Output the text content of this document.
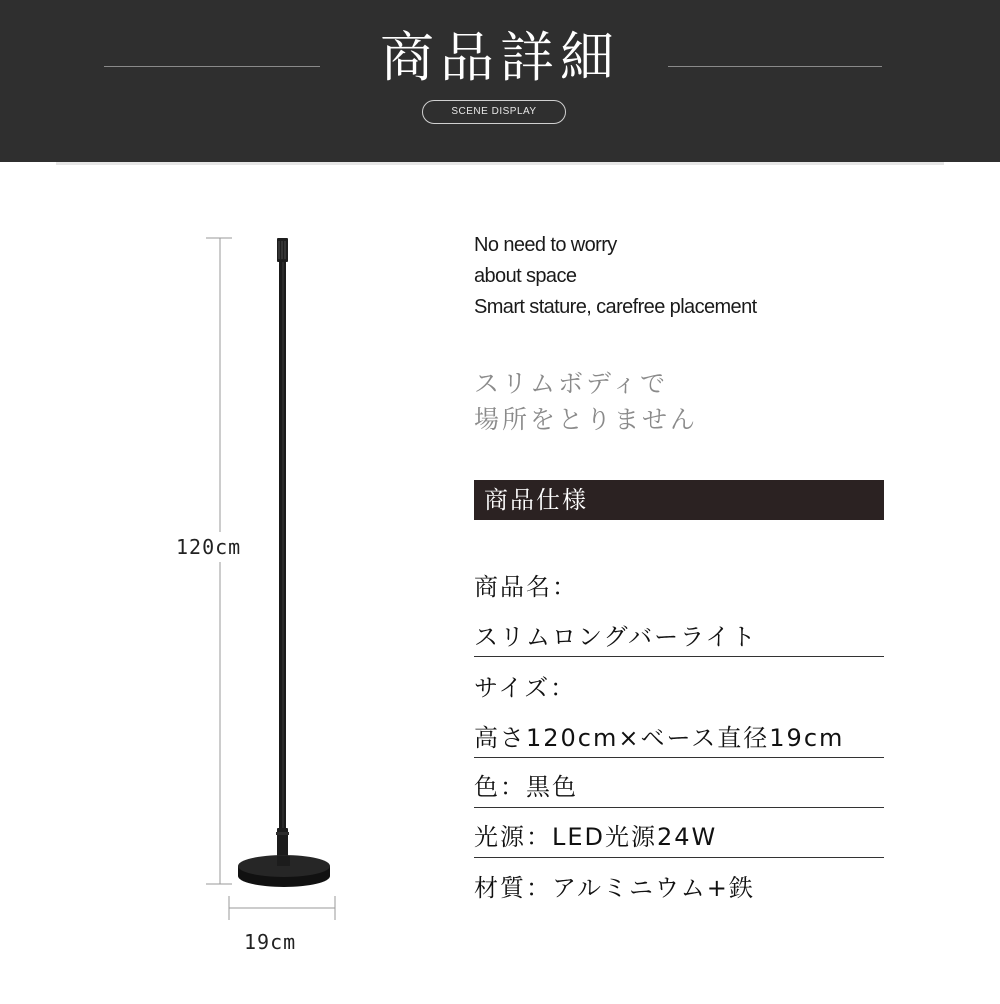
商品詳細
SCENE DISPLAY
120cm
19cm
No need to worry
about space
Smart stature, carefree placement
スリムボディで
場所をとりません
商品仕様
商品名：
スリムロングバーライト
サイズ：
高さ120cm×ベース直径19cm
色：黒色
光源：LED光源24W
材質：アルミニウム+鉄
